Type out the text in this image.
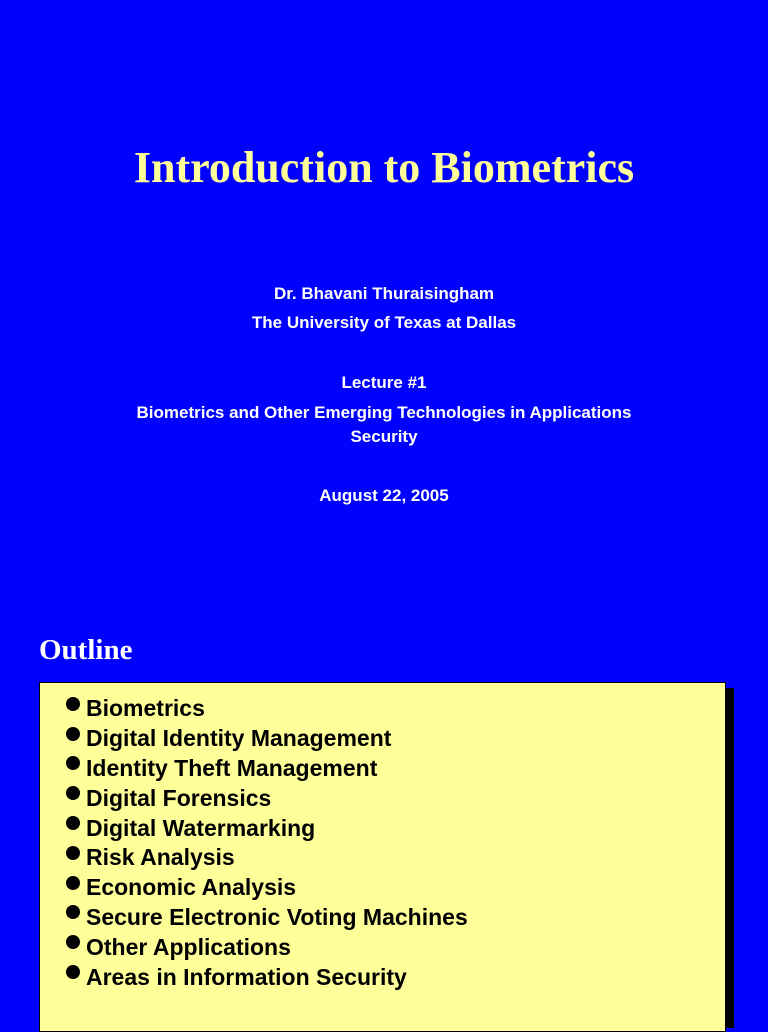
Introduction to Biometrics

Dr. Bhavani Thuraisingham

The University of Texas at Dallas

Lecture #1

Biometrics and Other Emerging Technologies in Applications Security

August 22, 2005

Outline
Biometrics
Digital Identity Management
Identity Theft Management
Digital Forensics
Digital Watermarking
Risk Analysis
Economic Analysis
Secure Electronic Voting Machines
Other Applications
Areas in Information Security
